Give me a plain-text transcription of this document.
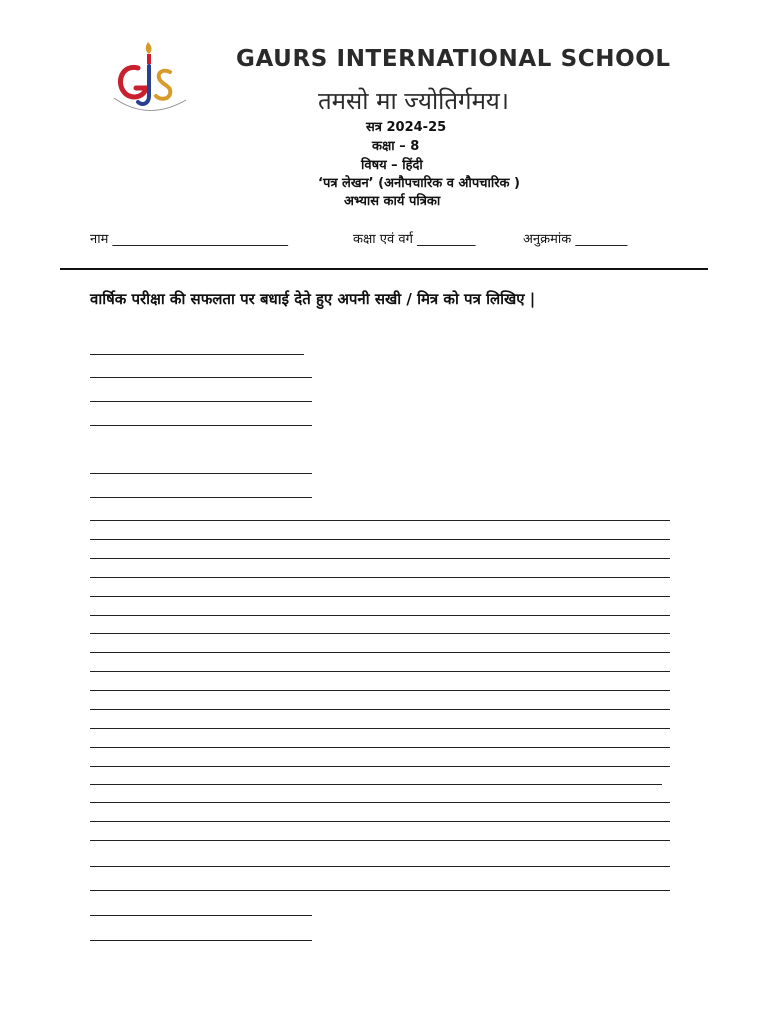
GAURS INTERNATIONAL SCHOOL
तमसो मा ज्योतिर्गमय।
सत्र 2024-25
कक्षा – 8
विषय – हिंदी
‘पत्र लेखन’ (अनौपचारिक व औपचारिक )
अभ्यास कार्य पत्रिका
नाम ___________________________	कक्षा एवं वर्ग _________	अनुक्रमांक ________
वार्षिक परीक्षा की सफलता पर बधाई देते हुए अपनी सखी / मित्र को पत्र लिखिए |
